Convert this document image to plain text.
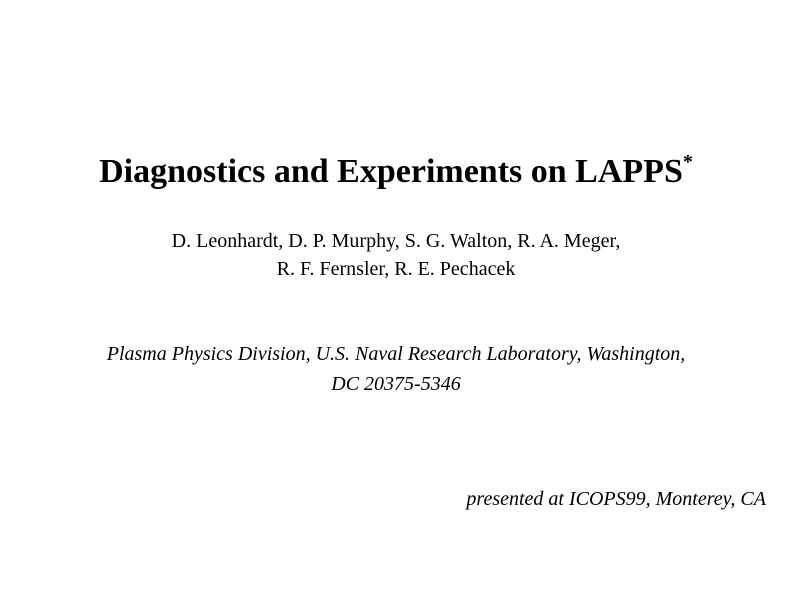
Diagnostics and Experiments on LAPPS*
D. Leonhardt, D. P. Murphy, S. G. Walton, R. A. Meger,
R. F. Fernsler, R. E. Pechacek
Plasma Physics Division, U.S. Naval Research Laboratory, Washington,
DC 20375-5346
presented at ICOPS99, Monterey, CA
